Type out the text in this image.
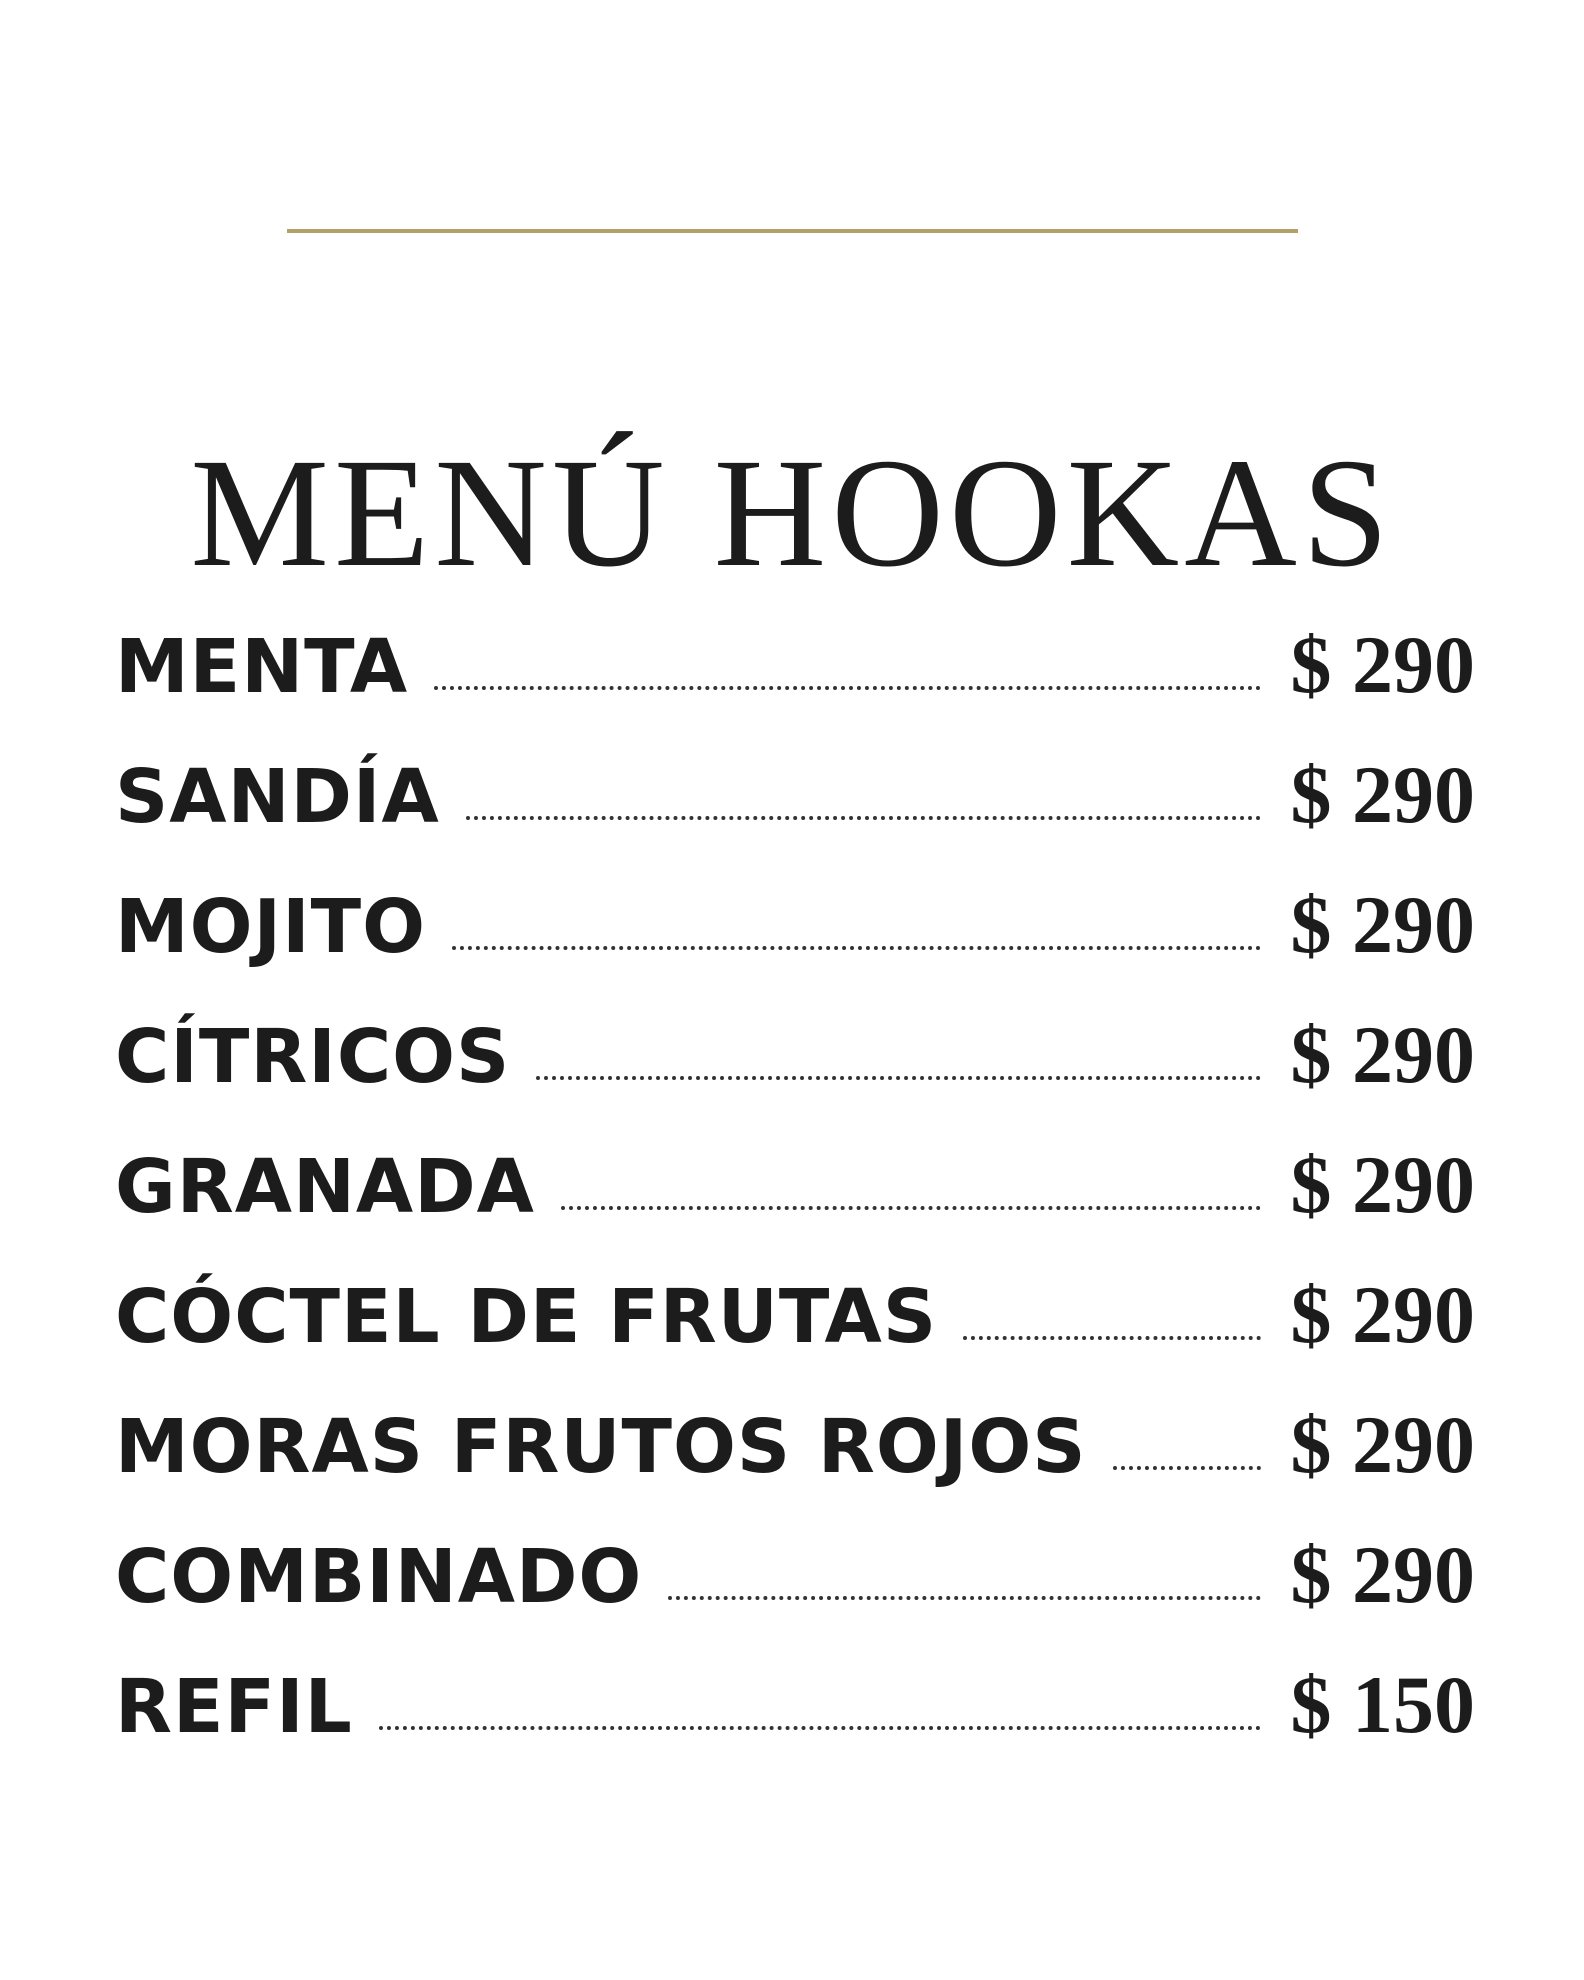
MENÚ HOOKAS
MENTA	$ 290
SANDÍA	$ 290
MOJITO	$ 290
CÍTRICOS	$ 290
GRANADA	$ 290
CÓCTEL DE FRUTAS	$ 290
MORAS FRUTOS ROJOS $ 290
COMBINADO	$ 290
REFIL	$ 150
